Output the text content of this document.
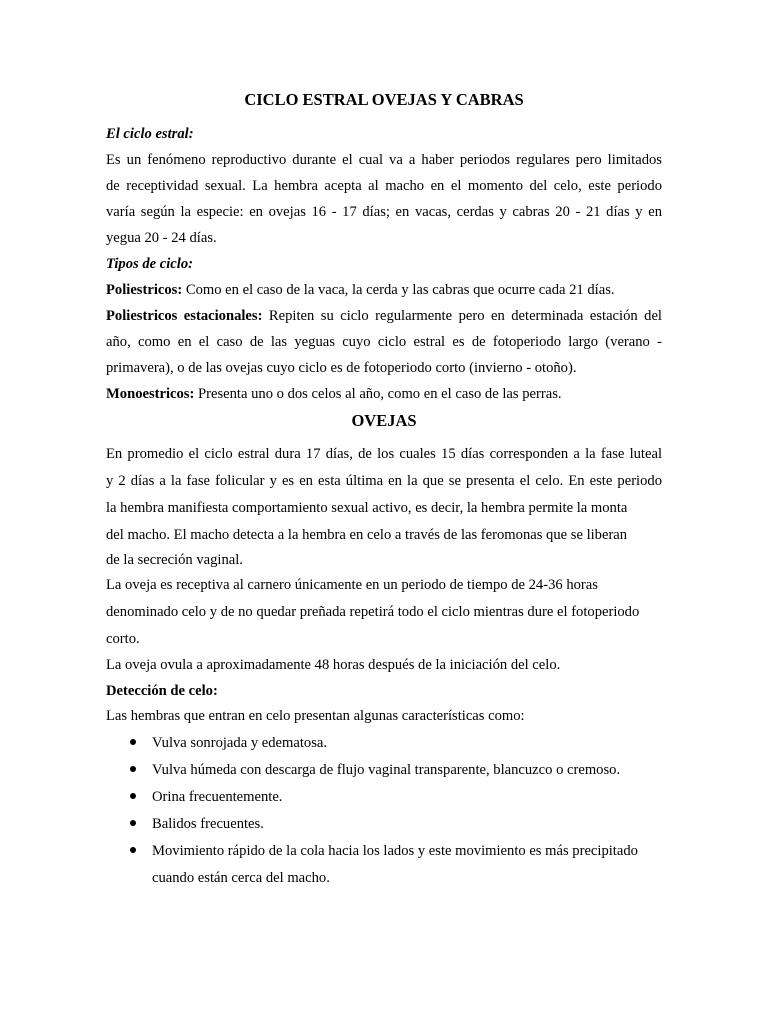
CICLO ESTRAL OVEJAS Y CABRAS
El ciclo estral:
Es un fenómeno reproductivo durante el cual va a haber periodos regulares pero limitados
de receptividad sexual. La hembra acepta al macho en el momento del celo, este periodo
varía según la especie: en ovejas 16 - 17 días; en vacas, cerdas y cabras 20 - 21 días y en
yegua 20 - 24 días.
Tipos de ciclo:
Poliestricos: Como en el caso de la vaca, la cerda y las cabras que ocurre cada 21 días.
Poliestricos estacionales: Repiten su ciclo regularmente pero en determinada estación del
año, como en el caso de las yeguas cuyo ciclo estral es de fotoperiodo largo (verano -
primavera), o de las ovejas cuyo ciclo es de fotoperiodo corto (invierno - otoño).
Monoestricos: Presenta uno o dos celos al año, como en el caso de las perras.
OVEJAS
En promedio el ciclo estral dura 17 días, de los cuales 15 días corresponden a la fase luteal
y 2 días a la fase folicular y es en esta última en la que se presenta el celo. En este periodo
la hembra manifiesta comportamiento sexual activo, es decir, la hembra permite la monta
del macho. El macho detecta a la hembra en celo a través de las feromonas que se liberan
de la secreción vaginal.
La oveja es receptiva al carnero únicamente en un periodo de tiempo de 24-36 horas
denominado celo y de no quedar preñada repetirá todo el ciclo mientras dure el fotoperiodo
corto.
La oveja ovula a aproximadamente 48 horas después de la iniciación del celo.
Detección de celo:
Las hembras que entran en celo presentan algunas características como:
Vulva sonrojada y edematosa.
Vulva húmeda con descarga de flujo vaginal transparente, blancuzco o cremoso.
Orina frecuentemente.
Balidos frecuentes.
Movimiento rápido de la cola hacia los lados y este movimiento es más precipitado
cuando están cerca del macho.
